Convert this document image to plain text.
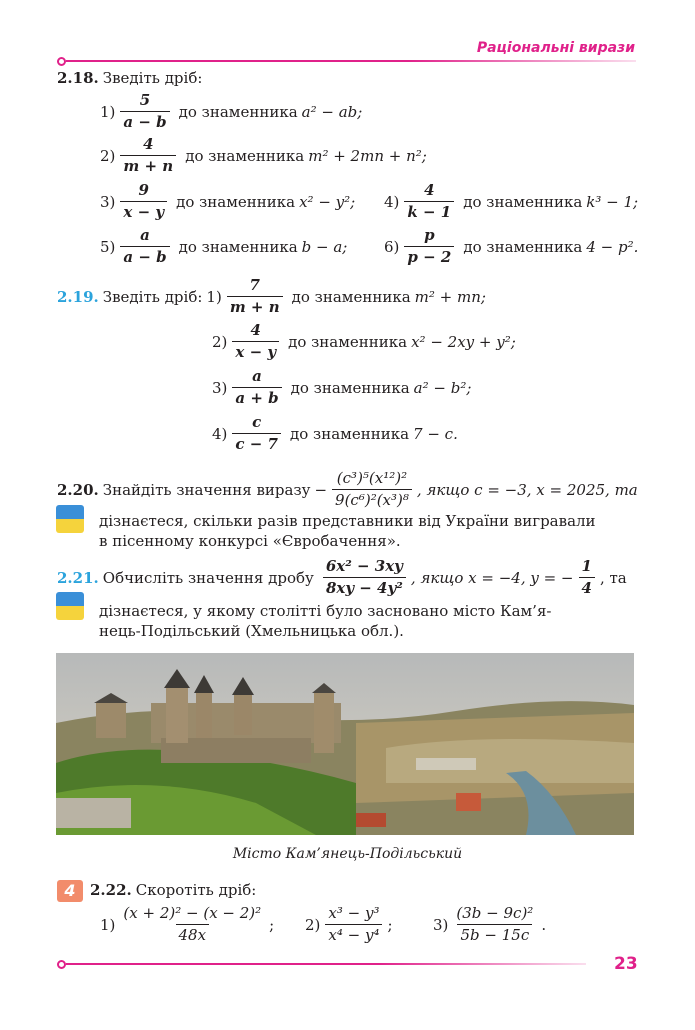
Раціональні вирази
2.18. Зведіть дріб:
$1) \frac{5}{a - b}$ до знаменника a² − ab;
$2) \frac{4}{m + n}$ до знаменника m² + 2mn + n²;
$3) \frac{9}{x - y}$ до знаменника x² − y²; $4) \frac{4}{k - 1}$ до знаменника k³ − 1;
$5) \frac{a}{a - b}$ до знаменника b − a; $6) \frac{p}{p - 2}$ до знаменника 4 − p².
2.19. Зведіть дріб: $1) \frac{7}{m + n}$ до знаменника m² + mn;
$2) \frac{4}{x - y}$ до знаменника x² − 2xy + y²;
$3) \frac{a}{a + b}$ до знаменника a² − b²;
$4) \frac{c}{c - 7}$ до знаменника 7 − c.
2.20. Знайдіть значення виразу − $\frac{\text{(c³)⁵(x¹²)²}}{\text{9(c⁶)²(x³)⁸}}$ , якщо c = −3, x = 2025, та
дізнаєтеся, скільки разів представники від України вигравали
в пісенному конкурсі «Євробачення».
2.21. Обчисліть значення дробу $\frac{\text{6x² − 3xy}}{\text{8xy − 4y²}}$ , якщо x = −4, y = − $\frac{1}{4}$ , та
дізнаєтеся, у якому столітті було засновано місто Кам’я-
нець-Подільський (Хмельницька обл.).
Місто Кам’янець-Подільський
4 2.22. Скоротіть дріб:
$1) \frac{\text{(x + 2)² − (x − 2)²}}{48x}$ ; $2) \frac{\text{x³ − y³}}{\text{x⁴ − y⁴}}$ ;	$3) \frac{\text{(3b − 9c)²}}{5b - 15c}$ .
23
